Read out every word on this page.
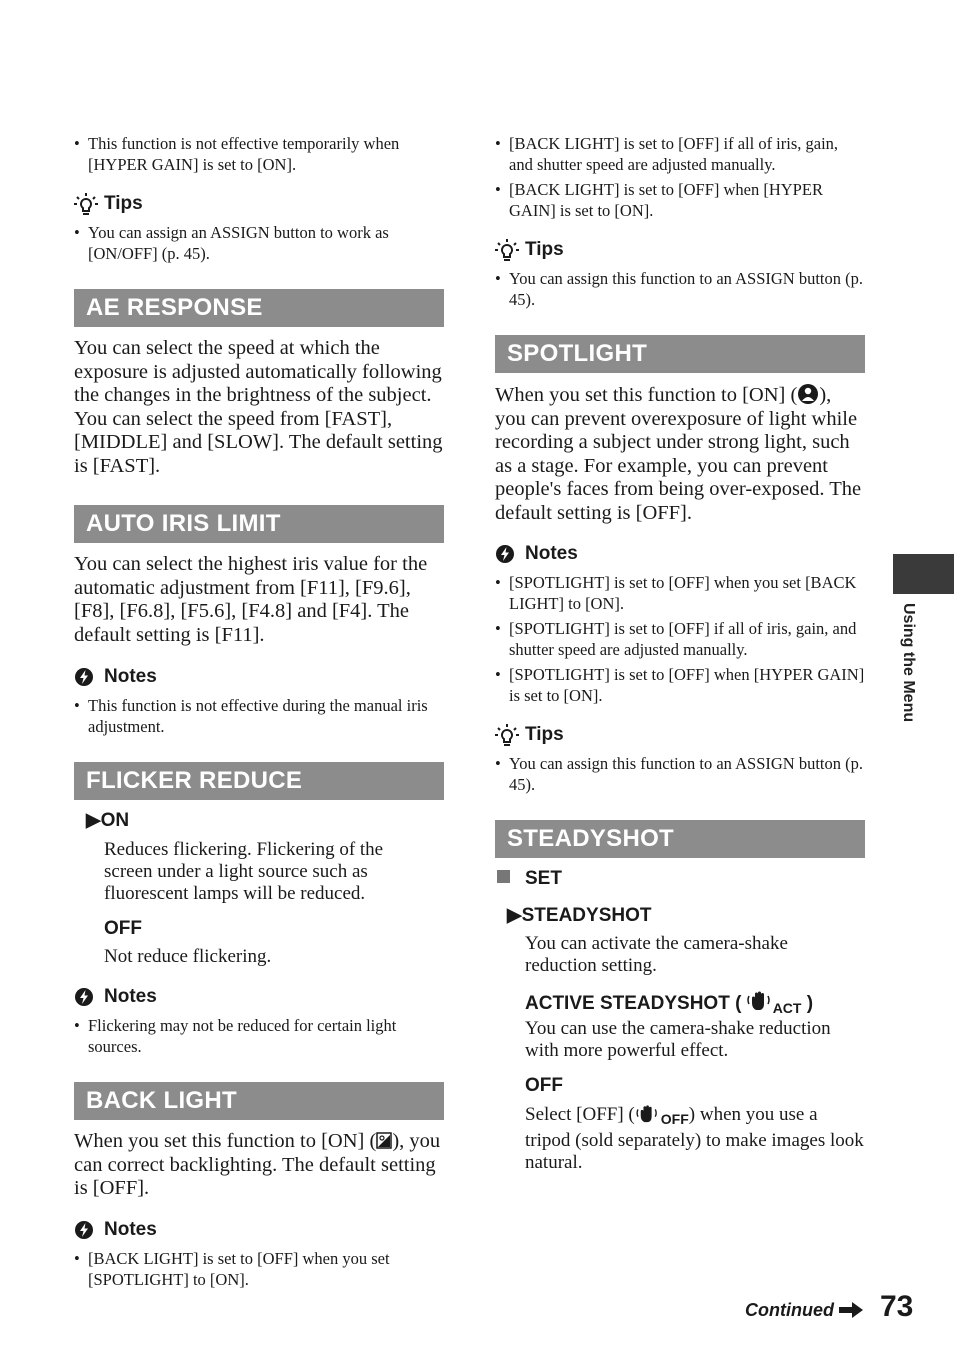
• This function is not effective temporarily when [HYPER GAIN] is set to [ON].
Tips
• You can assign an ASSIGN button to work as [ON/OFF] (p. 45).
AE RESPONSE
You can select the speed at which the exposure is adjusted automatically following the changes in the brightness of the subject. You can select the speed from [FAST], [MIDDLE] and [SLOW]. The default setting is [FAST].
AUTO IRIS LIMIT
You can select the highest iris value for the automatic adjustment from [F11], [F9.6], [F8], [F6.8], [F5.6], [F4.8] and [F4]. The default setting is [F11].
Notes
• This function is not effective during the manual iris adjustment.
FLICKER REDUCE
▶ON
Reduces flickering. Flickering of the screen under a light source such as fluorescent lamps will be reduced.
OFF
Not reduce flickering.
Notes
• Flickering may not be reduced for certain light sources.
BACK LIGHT
When you set this function to [ON] ( ), you can correct backlighting. The default setting is [OFF].
Notes
• [BACK LIGHT] is set to [OFF] when you set [SPOTLIGHT] to [ON].
• [BACK LIGHT] is set to [OFF] if all of iris, gain, and shutter speed are adjusted manually.
• [BACK LIGHT] is set to [OFF] when [HYPER GAIN] is set to [ON].
Tips
• You can assign this function to an ASSIGN button (p. 45).
SPOTLIGHT
When you set this function to [ON] ( ), you can prevent overexposure of light while recording a subject under strong light, such as a stage. For example, you can prevent people's faces from being over-exposed. The default setting is [OFF].
Notes
• [SPOTLIGHT] is set to [OFF] when you set [BACK LIGHT] to [ON].
• [SPOTLIGHT] is set to [OFF] if all of iris, gain, and shutter speed are adjusted manually.
• [SPOTLIGHT] is set to [OFF] when [HYPER GAIN] is set to [ON].
Tips
• You can assign this function to an ASSIGN button (p. 45).
STEADYSHOT
SET
▶STEADYSHOT
You can activate the camera-shake reduction setting.
ACTIVE STEADYSHOT ( $_{ACT}$ )
You can use the camera-shake reduction with more powerful effect.
OFF
Select [OFF] ( $_{OFF}$) when you use a tripod (sold separately) to make images look natural.
Using the Menu
Continued	73
